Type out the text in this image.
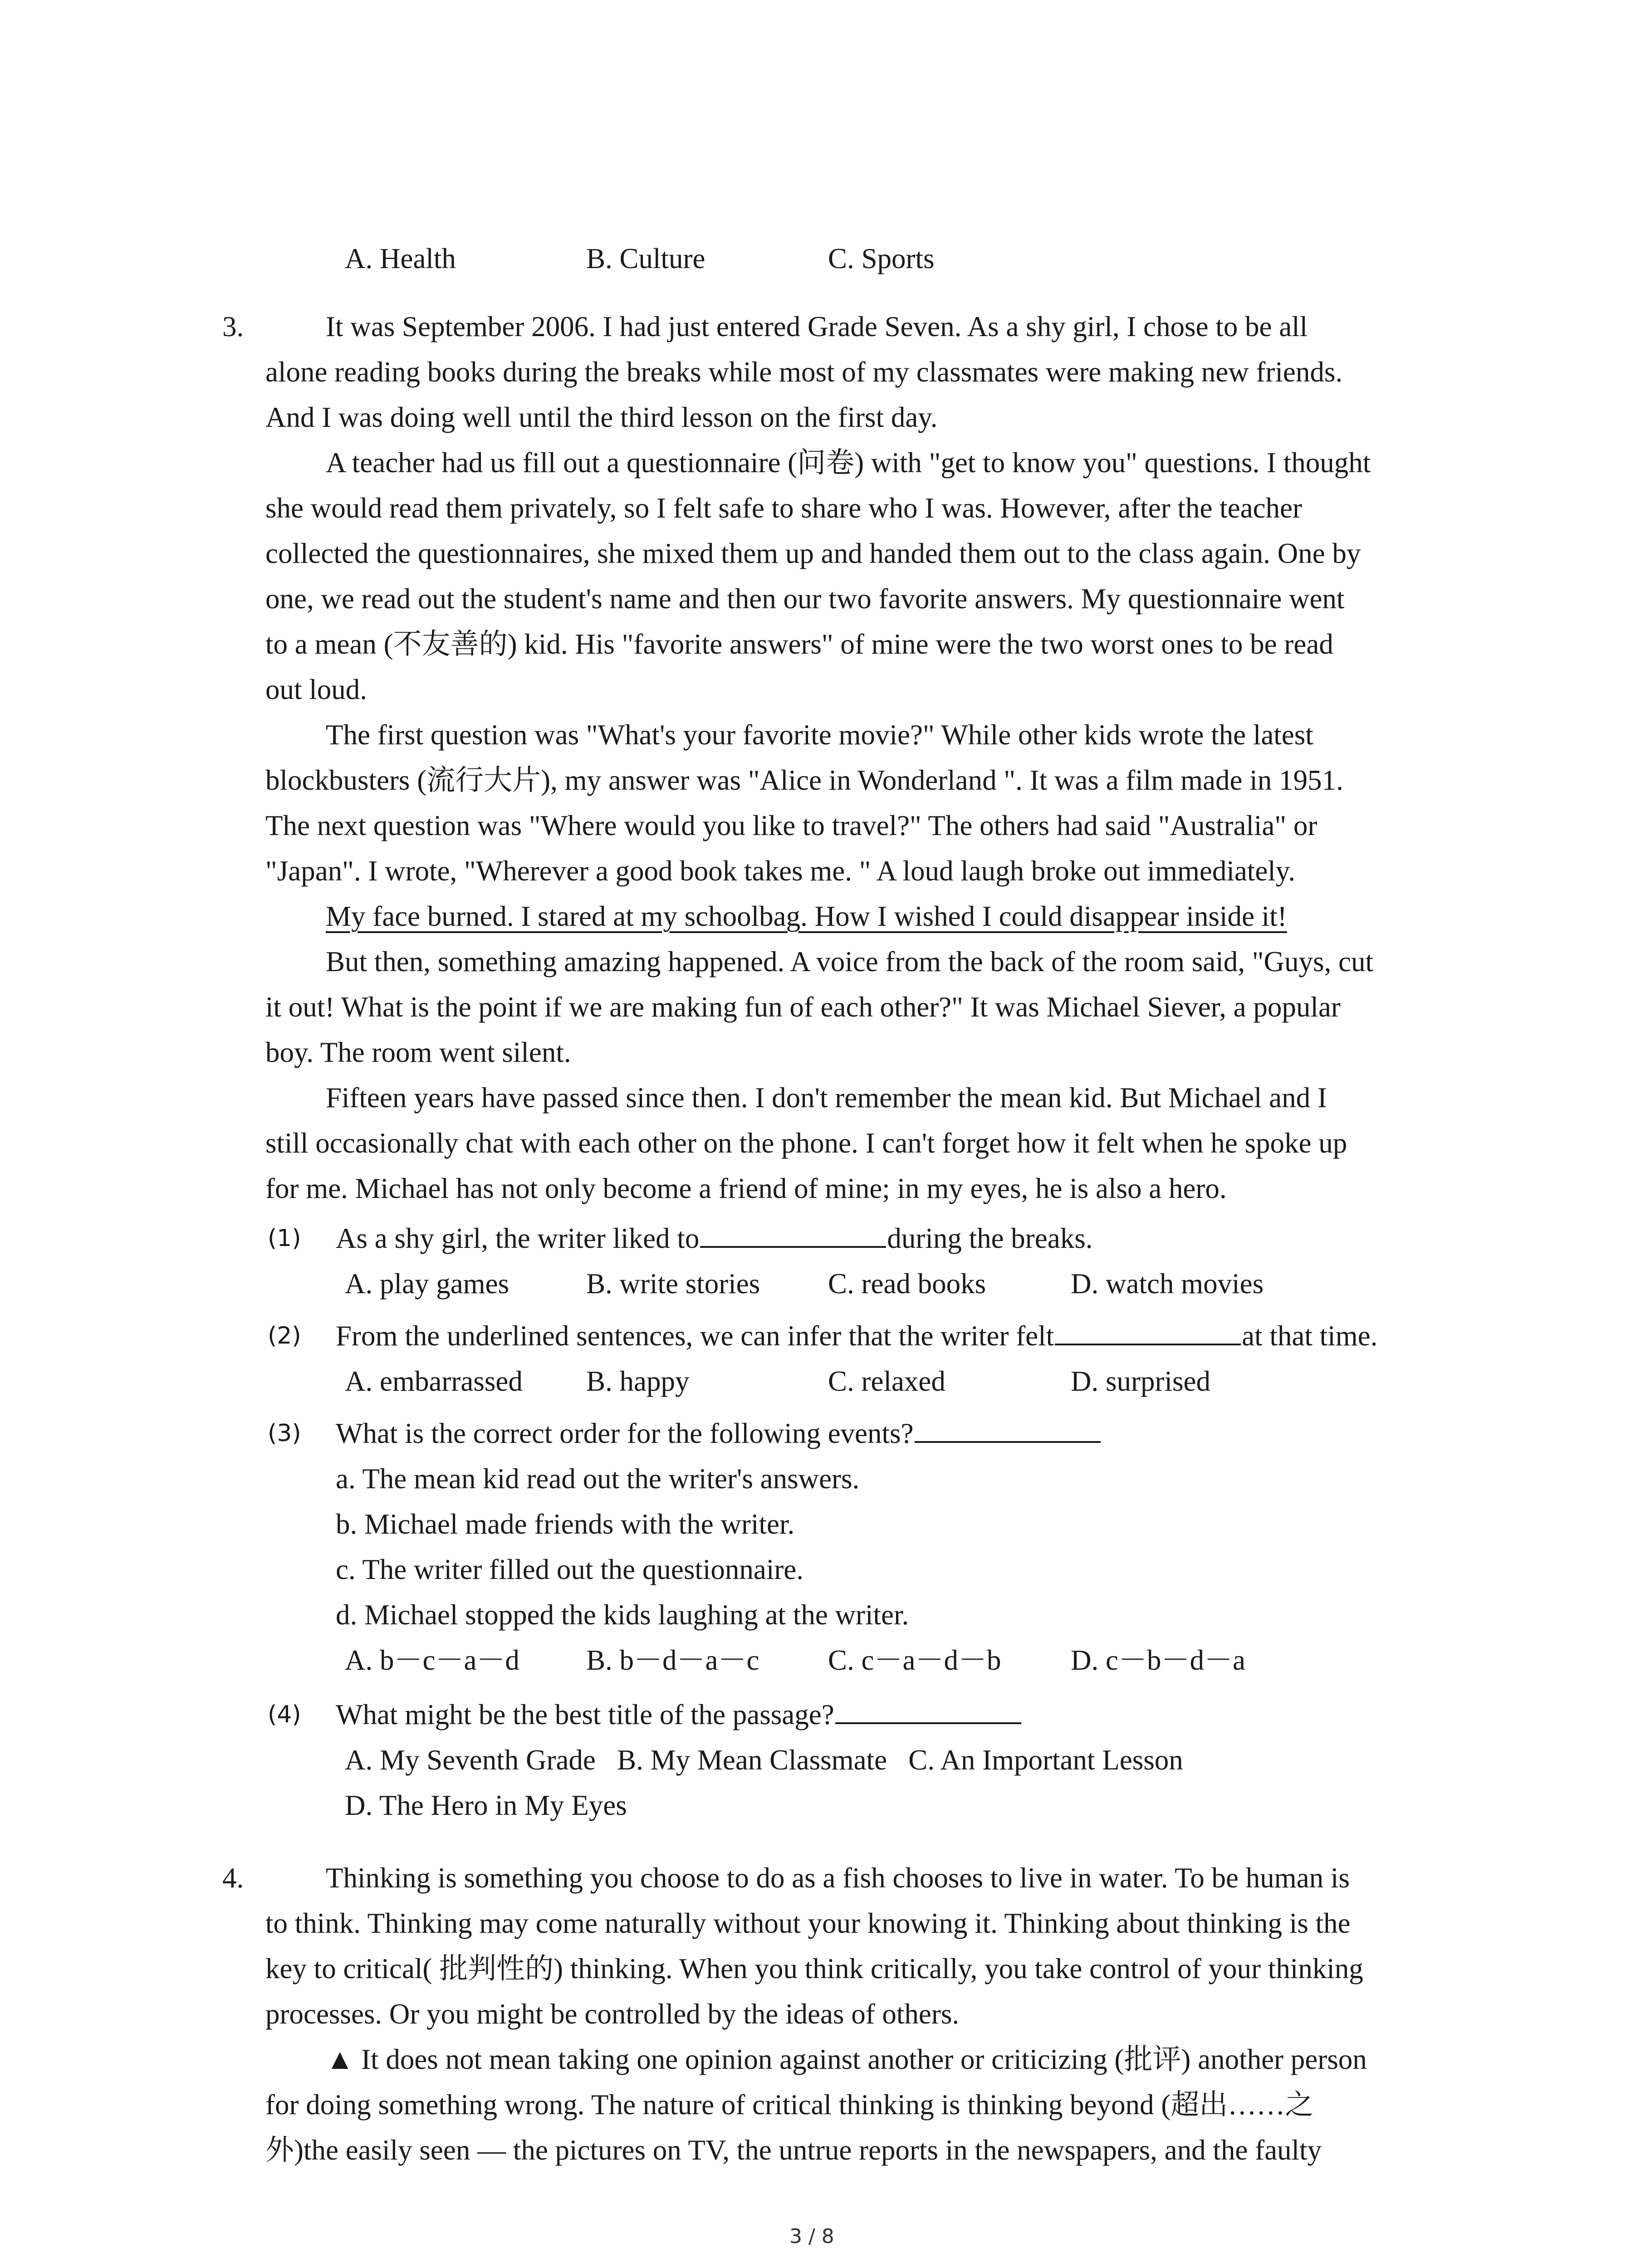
A. Health	B. Culture	C. Sports
3.	It was September 2006. I had just entered Grade Seven. As a shy girl, I chose to be all
alone reading books during the breaks while most of my classmates were making new friends.
And I was doing well until the third lesson on the first day.
A teacher had us fill out a questionnaire (问卷) with "get to know you" questions. I thought
she would read them privately, so I felt safe to share who I was. However, after the teacher
collected the questionnaires, she mixed them up and handed them out to the class again. One by
one, we read out the student's name and then our two favorite answers. My questionnaire went
to a mean (不友善的) kid. His "favorite answers" of mine were the two worst ones to be read
out loud.
The first question was "What's your favorite movie?" While other kids wrote the latest
blockbusters (流行大片), my answer was "Alice in Wonderland ". It was a film made in 1951.
The next question was "Where would you like to travel?" The others had said "Australia" or
"Japan". I wrote, "Wherever a good book takes me. " A loud laugh broke out immediately.
My face burned. I stared at my schoolbag. How I wished I could disappear inside it!
But then, something amazing happened. A voice from the back of the room said, "Guys, cut
it out! What is the point if we are making fun of each other?" It was Michael Siever, a popular
boy. The room went silent.
Fifteen years have passed since then. I don't remember the mean kid. But Michael and I
still occasionally chat with each other on the phone. I can't forget how it felt when he spoke up
for me. Michael has not only become a friend of mine; in my eyes, he is also a hero.
(1) As a shy girl, the writer liked to	during the breaks.
A. play games	B. write stories C. read books	D. watch movies
(2) From the underlined sentences, we can infer that the writer felt	at that time.
A. embarrassed B. happy	C. relaxed	D. surprised
(3) What is the correct order for the following events?
a. The mean kid read out the writer's answers.
b. Michael made friends with the writer.
c. The writer filled out the questionnaire.
d. Michael stopped the kids laughing at the writer.
A. b－c－a－d B. b－d－a－c C. c－a－d－b D. c－b－d－a
(4) What might be the best title of the passage?
A. My Seventh Grade   B. My Mean Classmate   C. An Important Lesson
D. The Hero in My Eyes
4.	Thinking is something you choose to do as a fish chooses to live in water. To be human is
to think. Thinking may come naturally without your knowing it. Thinking about thinking is the
key to critical( 批判性的) thinking. When you think critically, you take control of your thinking
processes. Or you might be controlled by the ideas of others.
▲ It does not mean taking one opinion against another or criticizing (批评) another person
for doing something wrong. The nature of critical thinking is thinking beyond (超出……之
外)the easily seen — the pictures on TV, the untrue reports in the newspapers, and the faulty
3 / 8
